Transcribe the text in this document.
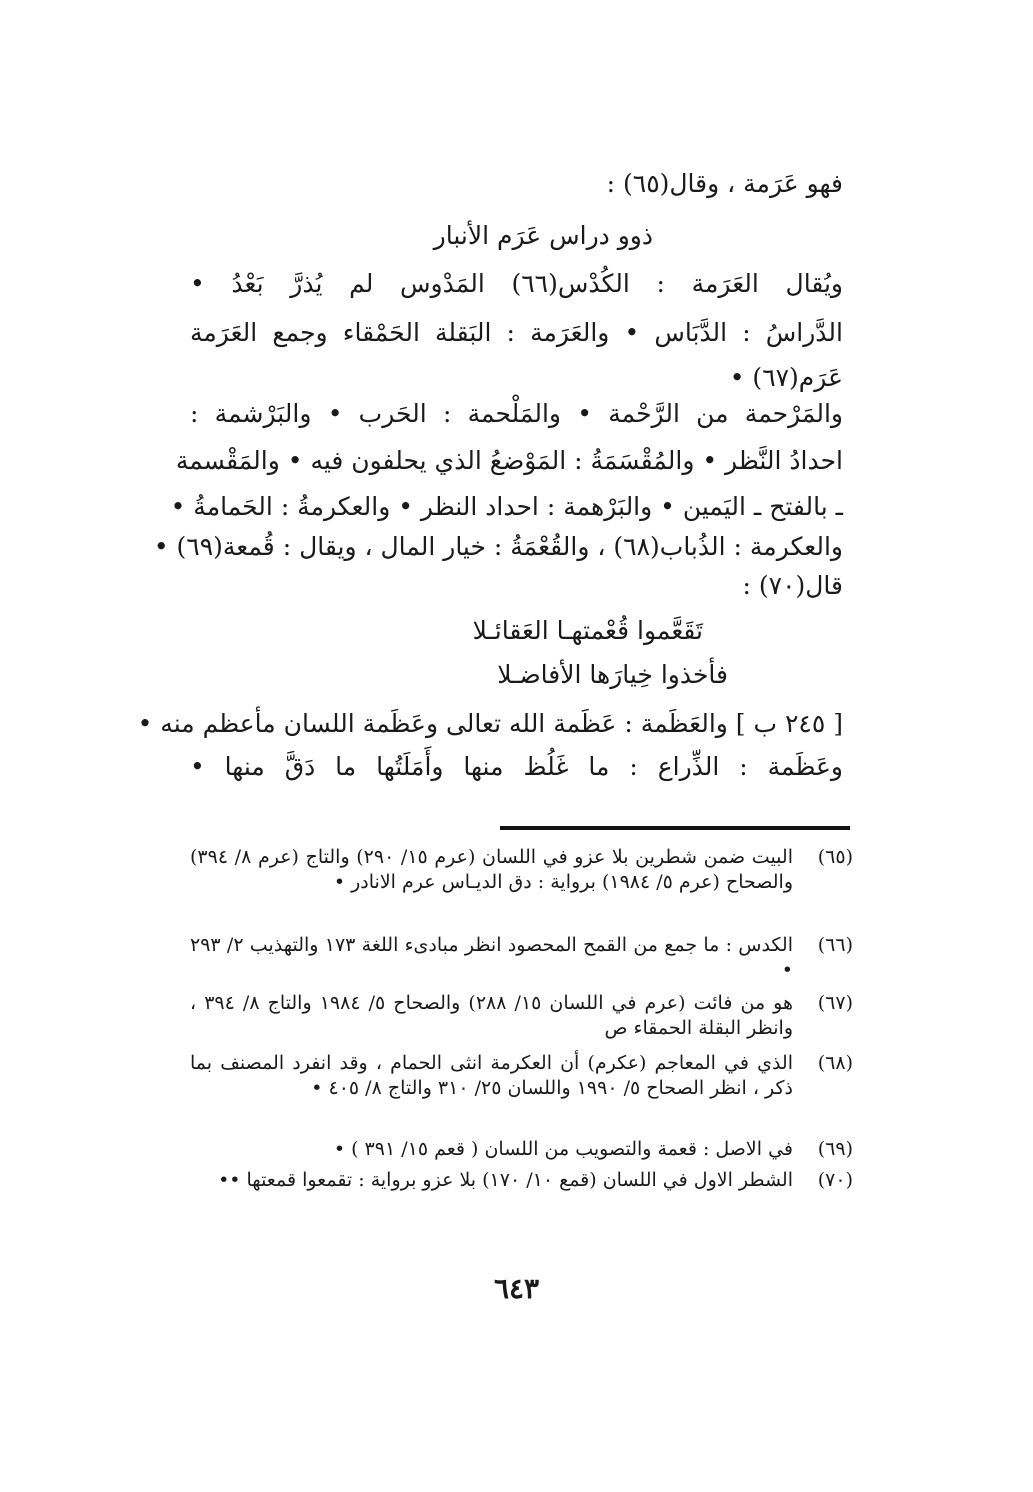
فهو عَرَمة ، وقال(٦٥) :
ذوو دراس عَرَم الأنبار
ويُقال العَرَمة : الكُدْس(٦٦) المَدْوس لم يُذرَّ بَعْدُ •
الدَّراسُ : الدَّبَاس • والعَرَمة : البَقلة الحَمْقاء وجمع العَرَمة
عَرَم(٦٧) •
والمَرْحمة من الرَّحْمة • والمَلْحمة : الحَرب • والبَرْشمة :
احدادُ النَّظر • والمُقْسَمَةُ : المَوْضعُ الذي يحلفون فيه • والمَقْسمة
ـ بالفتح ـ اليَمين • والبَرْهمة : احداد النظر • والعكرمةُ : الحَمامةُ •
والعكرمة : الذُباب(٦٨) ، والقُعْمَةُ : خيار المال ، ويقال : قُمعة(٦٩) •
قال(٧٠) :
تَقَعَّموا قُعْمتهـا العَقائـلا
فأخذوا خِيارَها الأفاضـلا
[ ٢٤٥ ب ] والعَظَمة : عَظَمة الله تعالى وعَظَمة اللسان مأعظم منه •
وعَظَمة : الذِّراع : ما غَلُظ منها وأَمَلَتُها ما دَقَّ منها •
(٦٥)
البيت ضمن شطرين بلا عزو في اللسان (عرم ١٥/ ٢٩٠) والتاج (عرم ٨/ ٣٩٤) والصحاح (عرم ٥/ ١٩٨٤) برواية : دق الديـاس عرم الانادر •
(٦٦)
الكدس : ما جمع من القمح المحصود انظر مبادىء اللغة ١٧٣ والتهذيب ٢/ ٢٩٣ •
(٦٧)
هو من فائت (عرم في اللسان ١٥/ ٢٨٨) والصحاح ٥/ ١٩٨٤ والتاج ٨/ ٣٩٤ ، وانظر البقلة الحمقاء ص
(٦٨)
الذي في المعاجم (عكرم) أن العكرمة انثى الحمام ، وقد انفرد المصنف بما ذكر ، انظر الصحاح ٥/ ١٩٩٠ واللسان ٢٥/ ٣١٠ والتاج ٨/ ٤٠٥ •
(٦٩)
في الاصل : قعمة والتصويب من اللسان ( قعم ١٥/ ٣٩١ ) •
(٧٠)
الشطر الاول في اللسان (قمع ١٠/ ١٧٠) بلا عزو برواية : تقمعوا قمعتها ••
٦٤٣
